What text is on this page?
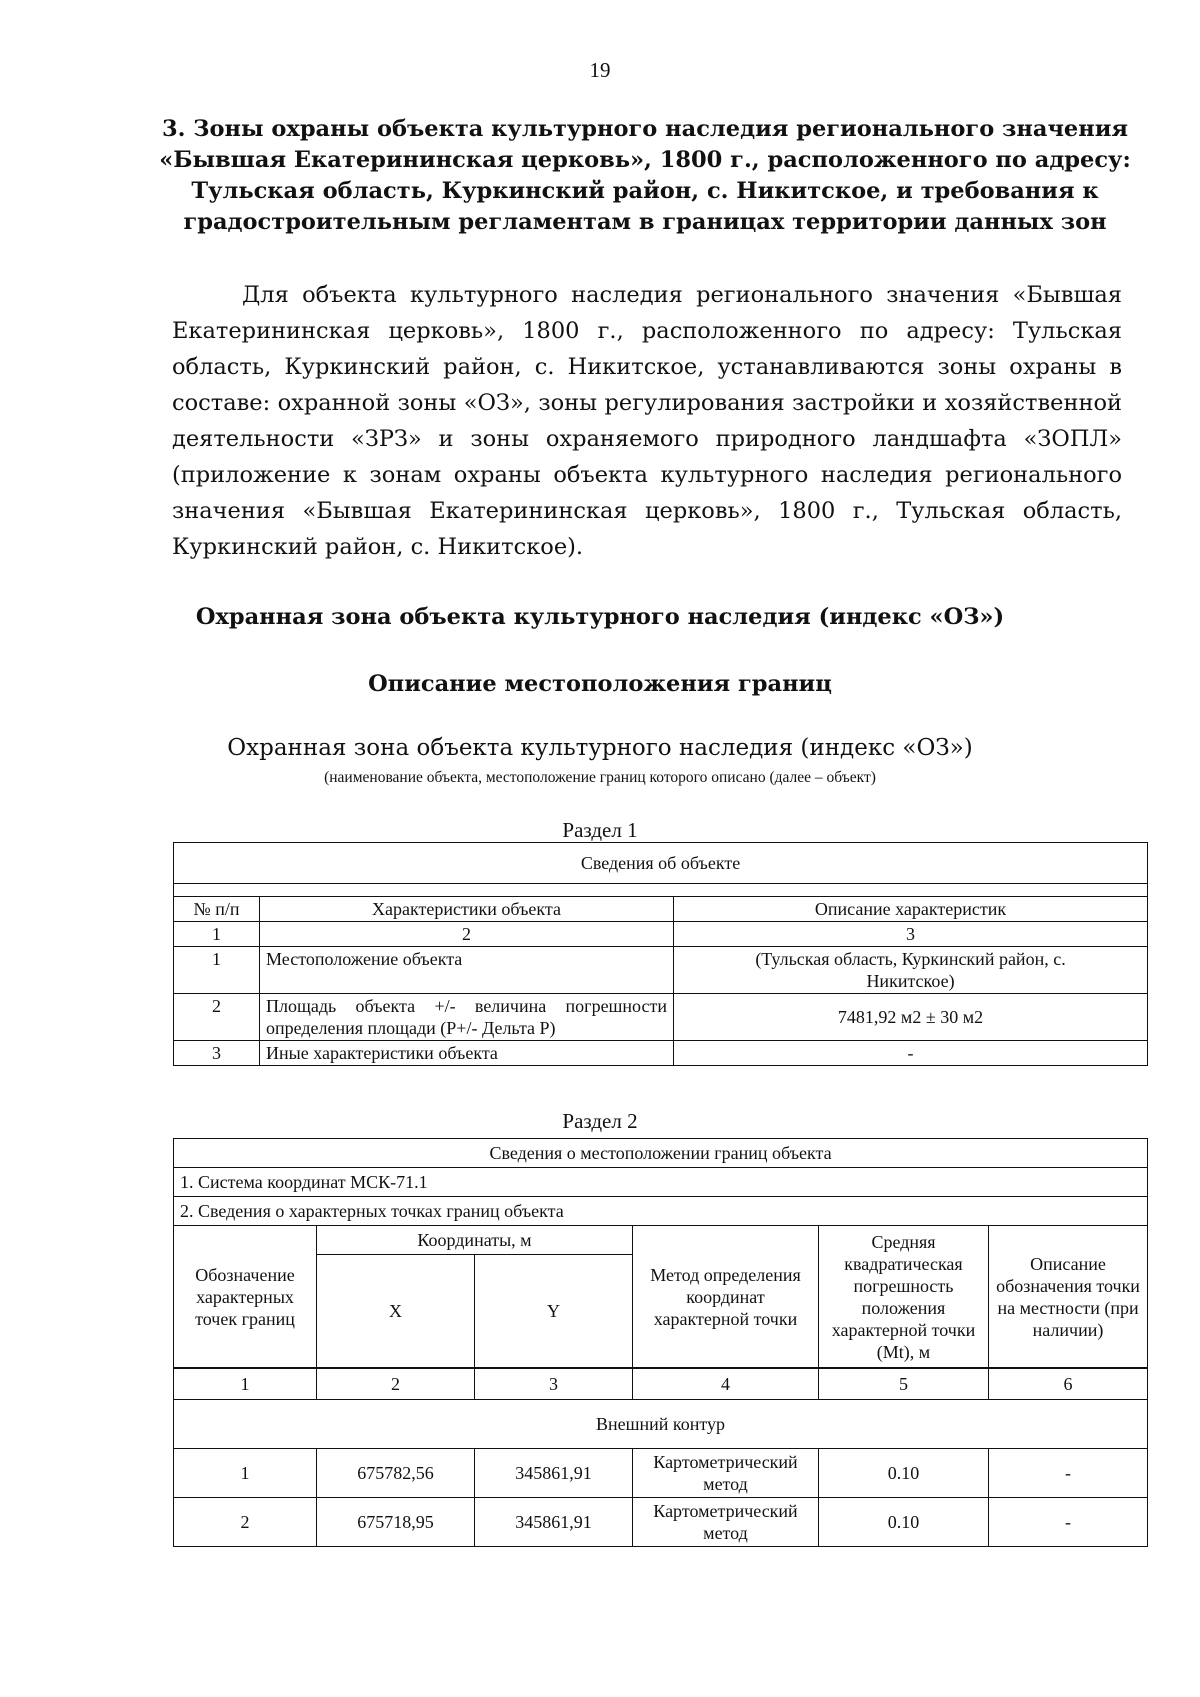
19
3. Зоны охраны объекта культурного наследия регионального значения «Бывшая Екатерининская церковь», 1800 г., расположенного по адресу: Тульская область, Куркинский район, с. Никитское, и требования к градостроительным регламентам в границах территории данных зон

Для объекта культурного наследия регионального значения «Бывшая Екатерининская церковь», 1800 г., расположенного по адресу: Тульская область, Куркинский район, с. Никитское, устанавливаются зоны охраны в составе: охранной зоны «ОЗ», зоны регулирования застройки и хозяйственной деятельности «ЗРЗ» и зоны охраняемого природного ландшафта «ЗОПЛ» (приложение к зонам охраны объекта культурного наследия регионального значения «Бывшая Екатерининская церковь», 1800 г., Тульская область, Куркинский район, с. Никитское).

Охранная зона объекта культурного наследия (индекс «ОЗ»)
Описание местоположения границ
Охранная зона объекта культурного наследия (индекс «ОЗ»)
(наименование объекта, местоположение границ которого описано (далее – объект)
Раздел 1
Сведения об объекте		

№ п/п	Характеристики объекта	Описание характеристик
1	2	3
1	Местоположение объекта	(Тульская область, Куркинский район, с. Никитское)
2	Площадь объекта +/- величина погрешности определения площади (Р+/- Дельта Р)	7481,92 м2 ± 30 м2
3	Иные характеристики объекта	-
Раздел 2
Сведения о местоположении границ объекта					
1. Система координат МСК-71.1					
2. Сведения о характерных точках границ объекта					
Обозначение характерных точек границ	Координаты, м		Метод определения координат характерной точки	Средняя квадратическая погрешность положения характерной точки (Мt), м	Описание обозначения точки на местности (при наличии)
	X	Y			
1	2	3	4	5	6
Внешний контур					
1	675782,56	345861,91	Картометрический метод	0.10	-
2	675718,95	345861,91	Картометрический метод	0.10	-
